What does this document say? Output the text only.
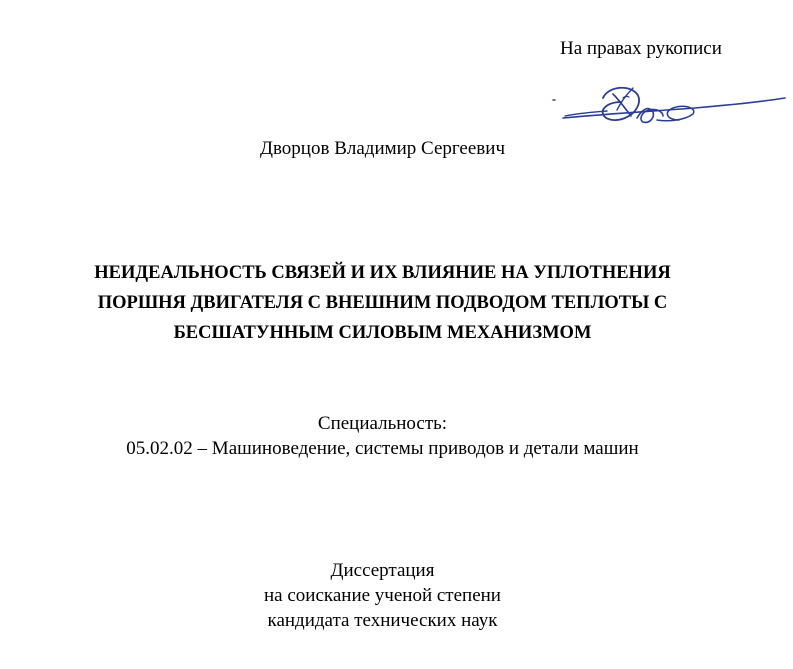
На правах рукописи
Дворцов Владимир Сергеевич
НЕИДЕАЛЬНОСТЬ СВЯЗЕЙ И ИХ ВЛИЯНИЕ НА УПЛОТНЕНИЯ
ПОРШНЯ ДВИГАТЕЛЯ С ВНЕШНИМ ПОДВОДОМ ТЕПЛОТЫ С
БЕСШАТУННЫМ СИЛОВЫМ МЕХАНИЗМОМ
Специальность:
05.02.02 – Машиноведение, системы приводов и детали машин
Диссертация
на соискание ученой степени
кандидата технических наук
